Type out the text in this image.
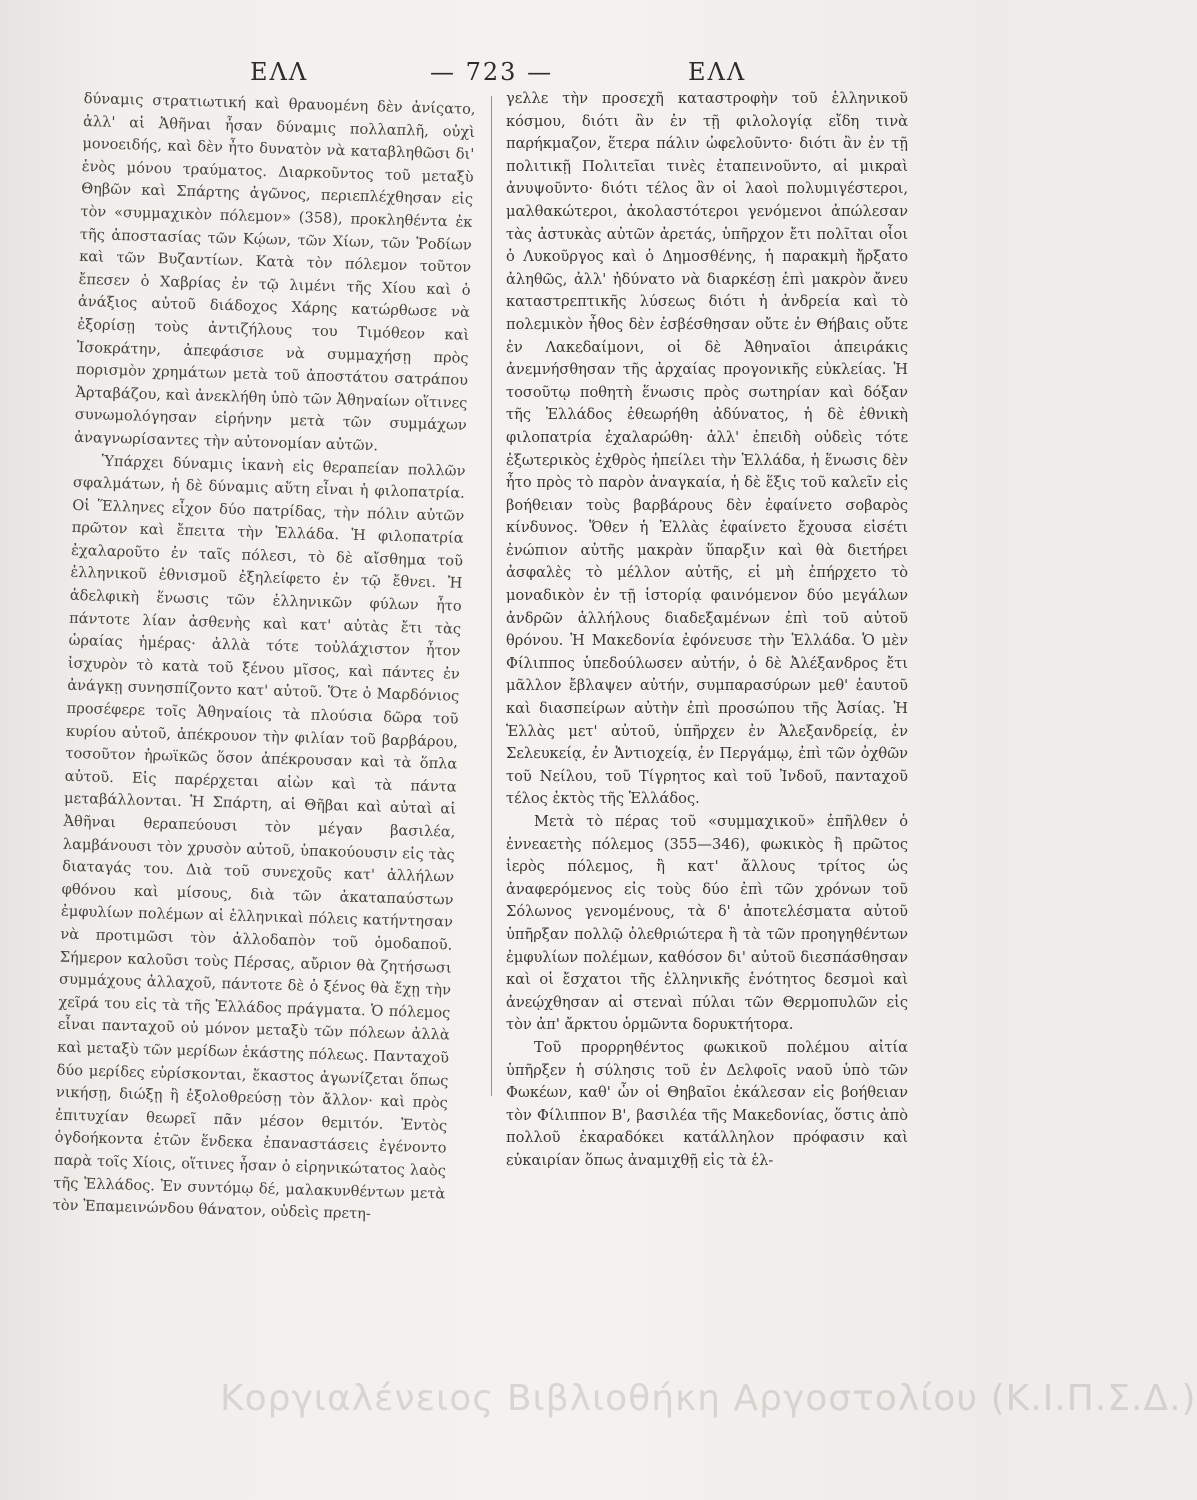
ΕΛΛ	— 723 —	ΕΛΛ

δύναμις στρατιωτική καὶ θραυομένη δὲν ἀνίςατο, ἀλλ' αἱ Ἀθῆναι ἦσαν δύναμις πολλαπλῆ, οὐχὶ μονοειδής, καὶ δὲν ἦτο δυνατὸν νὰ καταβληθῶσι δι' ἑνὸς μόνου τραύματος. Διαρκοῦντος τοῦ μεταξὺ Θηβῶν καὶ Σπάρτης ἀγῶνος, περιεπλέχθησαν εἰς τὸν «συμμαχικὸν πόλεμον» (358), προκληθέντα ἐκ τῆς ἀποστασίας τῶν Κῴων, τῶν Χίων, τῶν Ῥοδίων καὶ τῶν Βυζαντίων. Κατὰ τὸν πόλεμον τοῦτον ἔπεσεν ὁ Χαβρίας ἐν τῷ λιμένι τῆς Χίου καὶ ὁ ἀνάξιος αὐτοῦ διάδοχος Χάρης κατώρθωσε νὰ ἐξορίσῃ τοὺς ἀντιζήλους του Τιμόθεον καὶ Ἰσοκράτην, ἀπεφάσισε νὰ συμμαχήσῃ πρὸς πορισμὸν χρημάτων μετὰ τοῦ ἀποστάτου σατράπου Ἀρταβάζου, καὶ ἀνεκλήθη ὑπὸ τῶν Ἀθηναίων οἵτινες συνωμολόγησαν εἰρήνην μετὰ τῶν συμμάχων ἀναγνωρίσαντες τὴν αὐτονομίαν αὐτῶν.

Ὑπάρχει δύναμις ἱκανὴ εἰς θεραπείαν πολλῶν σφαλμάτων, ἡ δὲ δύναμις αὕτη εἶναι ἡ φιλοπατρία. Οἱ Ἕλληνες εἶχον δύο πατρίδας, τὴν πόλιν αὐτῶν πρῶτον καὶ ἔπειτα τὴν Ἑλλάδα. Ἡ φιλοπατρία ἐχαλαροῦτο ἐν ταῖς πόλεσι, τὸ δὲ αἴσθημα τοῦ ἑλληνικοῦ ἐθνισμοῦ ἐξηλείφετο ἐν τῷ ἔθνει. Ἡ ἀδελφικὴ ἕνωσις τῶν ἑλληνικῶν φύλων ἦτο πάντοτε λίαν ἀσθενὴς καὶ κατ' αὐτὰς ἔτι τὰς ὡραίας ἡμέρας· ἀλλὰ τότε τοὐλάχιστον ἦτον ἰσχυρὸν τὸ κατὰ τοῦ ξένου μῖσος, καὶ πάντες ἐν ἀνάγκῃ συνησπίζοντο κατ' αὐτοῦ. Ὅτε ὁ Μαρδόνιος προσέφερε τοῖς Ἀθηναίοις τὰ πλούσια δῶρα τοῦ κυρίου αὐτοῦ, ἀπέκρουον τὴν φιλίαν τοῦ βαρβάρου, τοσοῦτον ἡρωϊκῶς ὅσον ἀπέκρουσαν καὶ τὰ ὅπλα αὐτοῦ. Εἰς παρέρχεται αἰὼν καὶ τὰ πάντα μεταβάλλονται. Ἡ Σπάρτη, αἱ Θῆβαι καὶ αὐταὶ αἱ Ἀθῆναι θεραπεύουσι τὸν μέγαν βασιλέα, λαμβάνουσι τὸν χρυσὸν αὐτοῦ, ὑπακούουσιν εἰς τὰς διαταγάς του. Διὰ τοῦ συνεχοῦς κατ' ἀλλήλων φθόνου καὶ μίσους, διὰ τῶν ἀκαταπαύστων ἐμφυλίων πολέμων αἱ ἑλληνικαὶ πόλεις κατήντησαν νὰ προτιμῶσι τὸν ἀλλοδαπὸν τοῦ ὁμοδαποῦ. Σήμερον καλοῦσι τοὺς Πέρσας, αὔριον θὰ ζητήσωσι συμμάχους ἀλλαχοῦ, πάντοτε δὲ ὁ ξένος θὰ ἔχῃ τὴν χεῖρά του εἰς τὰ τῆς Ἑλλάδος πράγματα. Ὁ πόλεμος εἶναι πανταχοῦ οὐ μόνον μεταξὺ τῶν πόλεων ἀλλὰ καὶ μεταξὺ τῶν μερίδων ἑκάστης πόλεως. Πανταχοῦ δύο μερίδες εὑρίσκονται, ἕκαστος ἀγωνίζεται ὅπως νικήσῃ, διώξῃ ἢ ἐξολοθρεύσῃ τὸν ἄλλον· καὶ πρὸς ἐπιτυχίαν θεωρεῖ πᾶν μέσον θεμιτόν. Ἐντὸς ὀγδοήκοντα ἐτῶν ἕνδεκα ἐπαναστάσεις ἐγένοντο παρὰ τοῖς Χίοις, οἵτινες ἦσαν ὁ εἰρηνικώτατος λαὸς τῆς Ἑλλάδος. Ἐν συντόμῳ δέ, μαλακυνθέντων μετὰ τὸν Ἐπαμεινώνδου θάνατον, οὐδεὶς πρετη-

γελλε τὴν προσεχῆ καταστροφὴν τοῦ ἑλληνικοῦ κόσμου, διότι ἂν ἐν τῇ φιλολογίᾳ εἴδη τινὰ παρήκμαζον, ἕτερα πάλιν ὠφελοῦντο· διότι ἂν ἐν τῇ πολιτικῇ Πολιτεῖαι τινὲς ἐταπεινοῦντο, αἱ μικραὶ ἀνυψοῦντο· διότι τέλος ἂν οἱ λαοὶ πολυμιγέστεροι, μαλθακώτεροι, ἀκολαστότεροι γενόμενοι ἀπώλεσαν τὰς ἀστυκὰς αὐτῶν ἀρετάς, ὑπῆρχον ἔτι πολῖται οἷοι ὁ Λυκοῦργος καὶ ὁ Δημοσθένης, ἡ παρακμὴ ἤρξατο ἀληθῶς, ἀλλ' ἠδύνατο νὰ διαρκέσῃ ἐπὶ μακρὸν ἄνευ καταστρεπτικῆς λύσεως διότι ἡ ἀνδρεία καὶ τὸ πολεμικὸν ἦθος δὲν ἐσβέσθησαν οὔτε ἐν Θήβαις οὔτε ἐν Λακεδαίμονι, οἱ δὲ Ἀθηναῖοι ἀπειράκις ἀνεμνήσθησαν τῆς ἀρχαίας προγονικῆς εὐκλείας. Ἡ τοσοῦτῳ ποθητὴ ἕνωσις πρὸς σωτηρίαν καὶ δόξαν τῆς Ἑλλάδος ἐθεωρήθη ἀδύνατος, ἡ δὲ ἐθνικὴ φιλοπατρία ἐχαλαρώθη· ἀλλ' ἐπειδὴ οὐδεὶς τότε ἐξωτερικὸς ἐχθρὸς ἠπείλει τὴν Ἑλλάδα, ἡ ἕνωσις δὲν ἦτο πρὸς τὸ παρὸν ἀναγκαία, ἡ δὲ ἕξις τοῦ καλεῖν εἰς βοήθειαν τοὺς βαρβάρους δὲν ἐφαίνετο σοβαρὸς κίνδυνος. Ὅθεν ἡ Ἑλλὰς ἐφαίνετο ἔχουσα εἰσέτι ἐνώπιον αὐτῆς μακρὰν ὕπαρξιν καὶ θὰ διετήρει ἀσφαλὲς τὸ μέλλον αὐτῆς, εἰ μὴ ἐπήρχετο τὸ μοναδικὸν ἐν τῇ ἱστορίᾳ φαινόμενον δύο μεγάλων ἀνδρῶν ἀλλήλους διαδεξαμένων ἐπὶ τοῦ αὐτοῦ θρόνου. Ἡ Μακεδονία ἐφόνευσε τὴν Ἑλλάδα. Ὁ μὲν Φίλιππος ὑπεδούλωσεν αὐτήν, ὁ δὲ Ἀλέξανδρος ἔτι μᾶλλον ἔβλαψεν αὐτήν, συμπαρασύρων μεθ' ἑαυτοῦ καὶ διασπείρων αὐτὴν ἐπὶ προσώπου τῆς Ἀσίας. Ἡ Ἑλλὰς μετ' αὐτοῦ, ὑπῆρχεν ἐν Ἀλεξανδρείᾳ, ἐν Σελευκείᾳ, ἐν Ἀντιοχείᾳ, ἐν Περγάμῳ, ἐπὶ τῶν ὀχθῶν τοῦ Νείλου, τοῦ Τίγρητος καὶ τοῦ Ἰνδοῦ, πανταχοῦ τέλος ἐκτὸς τῆς Ἑλλάδος.

Μετὰ τὸ πέρας τοῦ «συμμαχικοῦ» ἐπῆλθεν ὁ ἐννεαετὴς πόλεμος (355—346), φωκικὸς ἢ πρῶτος ἱερὸς πόλεμος, ἢ κατ' ἄλλους τρίτος ὡς ἀναφερόμενος εἰς τοὺς δύο ἐπὶ τῶν χρόνων τοῦ Σόλωνος γενομένους, τὰ δ' ἀποτελέσματα αὐτοῦ ὑπῆρξαν πολλῷ ὀλεθριώτερα ἢ τὰ τῶν προηγηθέντων ἐμφυλίων πολέμων, καθόσον δι' αὐτοῦ διεσπάσθησαν καὶ οἱ ἔσχατοι τῆς ἑλληνικῆς ἑνότητος δεσμοὶ καὶ ἀνεῴχθησαν αἱ στεναὶ πύλαι τῶν Θερμοπυλῶν εἰς τὸν ἀπ' ἄρκτου ὁρμῶντα δορυκτήτορα.

Τοῦ προρρηθέντος φωκικοῦ πολέμου αἰτία ὑπῆρξεν ἡ σύλησις τοῦ ἐν Δελφοῖς ναοῦ ὑπὸ τῶν Φωκέων, καθ' ὧν οἱ Θηβαῖοι ἐκάλεσαν εἰς βοήθειαν τὸν Φίλιππον Β', βασιλέα τῆς Μακεδονίας, ὅστις ἀπὸ πολλοῦ ἐκαραδόκει κατάλληλον πρόφασιν καὶ εὐκαιρίαν ὅπως ἀναμιχθῇ εἰς τὰ ἑλ-

Κοργιαλένειος Βιβλιοθήκη Αργοστολίου (Κ.Ι.Π.Σ.Δ.)
